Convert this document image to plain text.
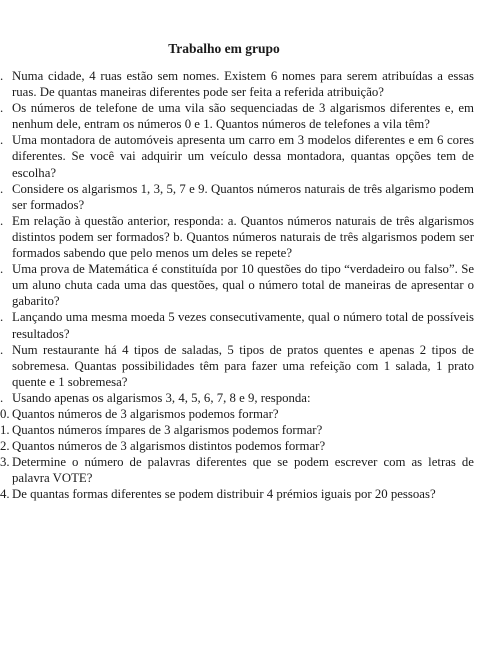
Trabalho em grupo
. Numa cidade, 4 ruas estão sem nomes. Existem 6 nomes para serem atribuídas a essas ruas. De quantas maneiras diferentes pode ser feita a referida atribuição?
. Os números de telefone de uma vila são sequenciadas de 3 algarismos diferentes e, em nenhum dele, entram os números 0 e 1. Quantos números de telefones a vila têm?
. Uma montadora de automóveis apresenta um carro em 3 modelos diferentes e em 6 cores diferentes. Se você vai adquirir um veículo dessa montadora, quantas opções tem de escolha?
. Considere os algarismos 1, 3, 5, 7 e 9. Quantos números naturais de três algarismo podem ser formados?
. Em relação à questão anterior, responda: a. Quantos números naturais de três algarismos distintos podem ser formados? b. Quantos números naturais de três algarismos podem ser formados sabendo que pelo menos um deles se repete?
. Uma prova de Matemática é constituída por 10 questões do tipo “verdadeiro ou falso”. Se um aluno chuta cada uma das questões, qual o número total de maneiras de apresentar o gabarito?
. Lançando uma mesma moeda 5 vezes consecutivamente, qual o número total de possíveis resultados?
. Num restaurante há 4 tipos de saladas, 5 tipos de pratos quentes e apenas 2 tipos de sobremesa. Quantas possibilidades têm para fazer uma refeição com 1 salada, 1 prato quente e 1 sobremesa?
. Usando apenas os algarismos 3, 4, 5, 6, 7, 8 e 9, responda:
0. Quantos números de 3 algarismos podemos formar?
1. Quantos números ímpares de 3 algarismos podemos formar?
2. Quantos números de 3 algarismos distintos podemos formar?
3. Determine o número de palavras diferentes que se podem escrever com as letras de palavra VOTE?
4. De quantas formas diferentes se podem distribuir 4 prémios iguais por 20 pessoas?
